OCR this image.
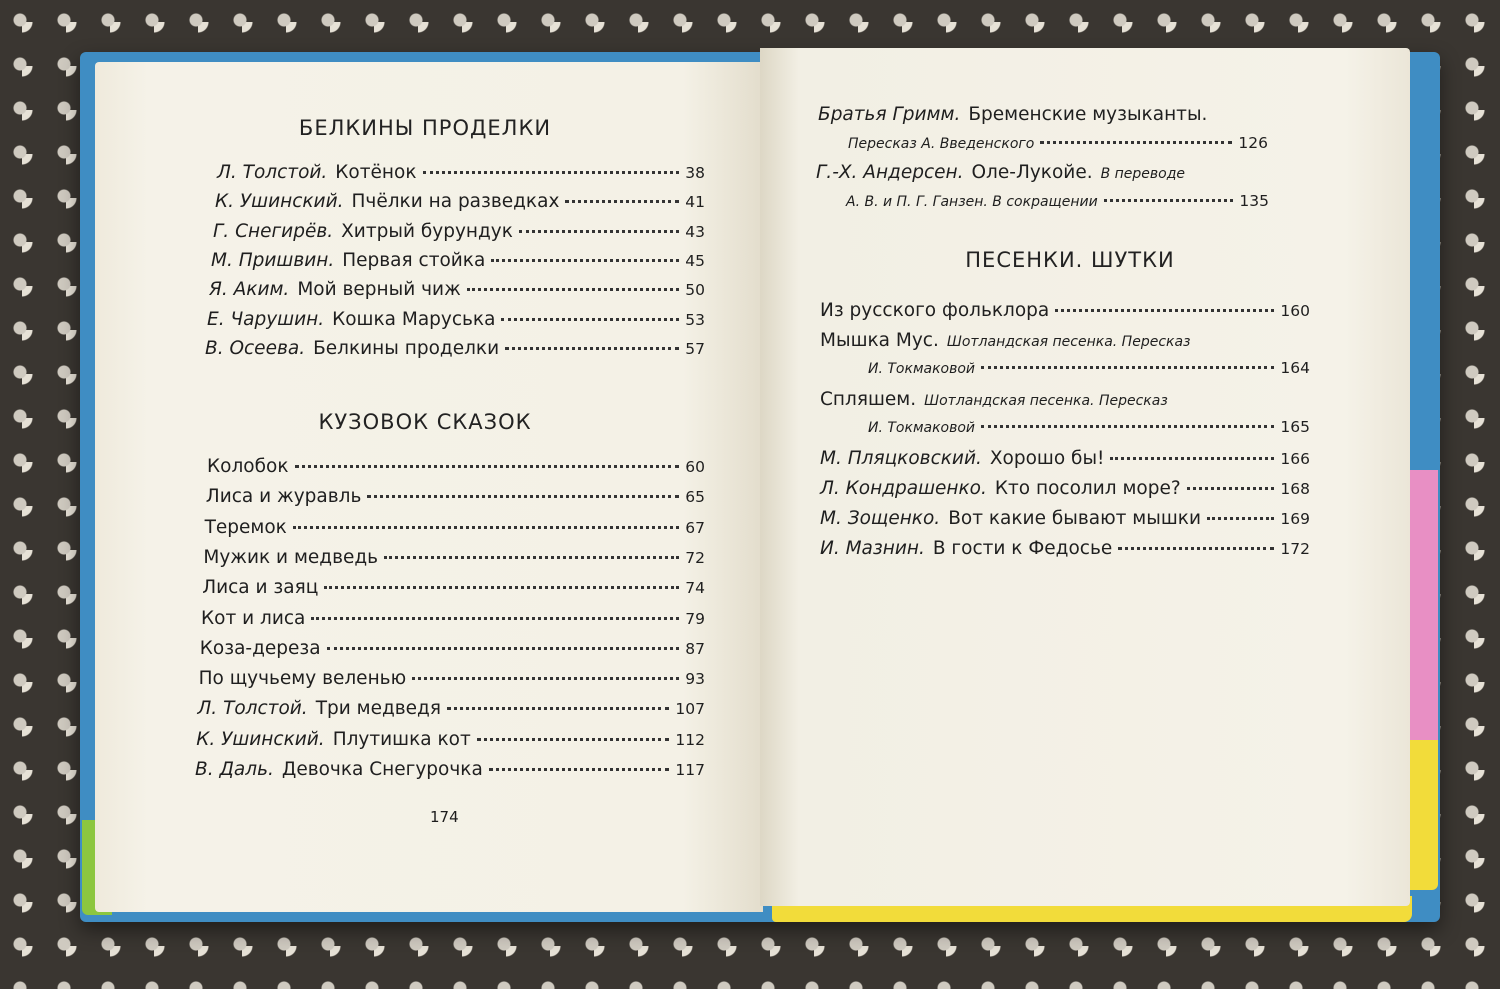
БЕЛКИНЫ ПРОДЕЛКИ
Л. Толстой. Котёнок	38
К. Ушинский. Пчёлки на разведках	41
Г. Снегирёв. Хитрый бурундук	43
М. Пришвин. Первая стойка	45
Я. Аким. Мой верный чиж	50
Е. Чарушин. Кошка Маруська	53
В. Осеева. Белкины проделки	57
КУЗОВОК СКАЗОК
Колобок	60
Лиса и журавль	65
Теремок	67
Мужик и медведь	72
Лиса и заяц	74
Кот и лиса	79
Коза-дереза	87
По щучьему веленью	93
Л. Толстой. Три медведя	107
К. Ушинский. Плутишка кот	112
В. Даль. Девочка Снегурочка	117
174
Братья Гримм. Бременские музыканты.
Пересказ А. Введенского	126
Г.-Х. Андерсен. Оле-Лукойе. В переводе
А. В. и П. Г. Ганзен. В сокращении	135
ПЕСЕНКИ. ШУТКИ
Из русского фольклора	160
Мышка Мус. Шотландская песенка. Пересказ
И. Токмаковой	164
Спляшем. Шотландская песенка. Пересказ
И. Токмаковой	165
М. Пляцковский. Хорошо бы!	166
Л. Кондрашенко. Кто посолил море?	168
М. Зощенко. Вот какие бывают мышки	169
И. Мазнин. В гости к Федосье	172
